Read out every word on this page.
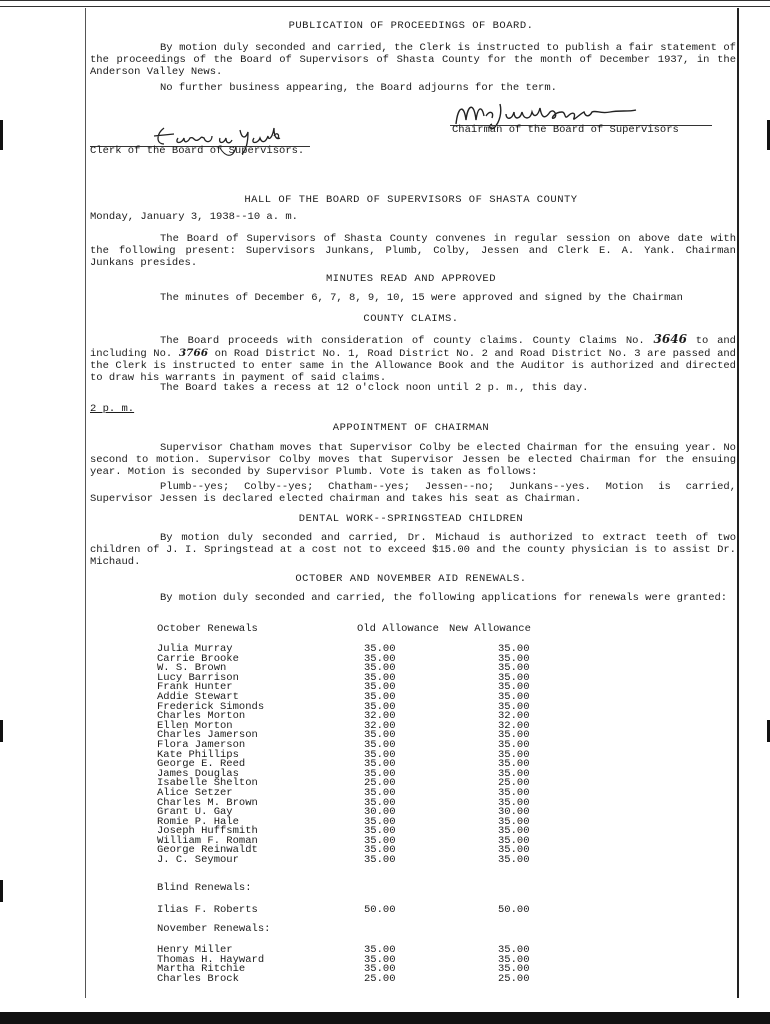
PUBLICATION OF PROCEEDINGS OF BOARD.
By motion duly seconded and carried, the Clerk is instructed to publish a fair statement of the proceedings of the Board of Supervisors of Shasta County for the month of December 1937, in the Anderson Valley News.
No further business appearing, the Board adjourns for the term.
Chairman of the Board of Supervisors
Clerk of the Board of Supervisors.
HALL OF THE BOARD OF SUPERVISORS OF SHASTA COUNTY
Monday, January 3, 1938--10 a. m.
The Board of Supervisors of Shasta County convenes in regular session on above date with the following present: Supervisors Junkans, Plumb, Colby, Jessen and Clerk E. A. Yank. Chairman Junkans presides.
MINUTES READ AND APPROVED
The minutes of December 6, 7, 8, 9, 10, 15 were approved and signed by the Chairman
COUNTY CLAIMS.
The Board proceeds with consideration of county claims. County Claims No. 3646 to and including No. 3766 on Road District No. 1, Road District No. 2 and Road District No. 3 are passed and the Clerk is instructed to enter same in the Allowance Book and the Auditor is authorized and directed to draw his warrants in payment of said claims.
The Board takes a recess at 12 o'clock noon until 2 p. m., this day.
2 p. m.
APPOINTMENT OF CHAIRMAN
Supervisor Chatham moves that Supervisor Colby be elected Chairman for the ensuing year. No second to motion. Supervisor Colby moves that Supervisor Jessen be elected Chairman for the ensuing year. Motion is seconded by Supervisor Plumb. Vote is taken as follows:
Plumb--yes; Colby--yes; Chatham--yes; Jessen--no; Junkans--yes. Motion is carried, Supervisor Jessen is declared elected chairman and takes his seat as Chairman.
DENTAL WORK--SPRINGSTEAD CHILDREN
By motion duly seconded and carried, Dr. Michaud is authorized to extract teeth of two children of J. I. Springstead at a cost not to exceed $15.00 and the county physician is to assist Dr. Michaud.
OCTOBER AND NOVEMBER AID RENEWALS.
By motion duly seconded and carried, the following applications for renewals were granted:
October Renewals	Old Allowance New Allowance
Julia Murray	35.00	35.00
Carrie Brooke	35.00	35.00
W. S. Brown	35.00	35.00
Lucy Barrison	35.00	35.00
Frank Hunter	35.00	35.00
Addie Stewart	35.00	35.00
Frederick Simonds	35.00	35.00
Charles Morton	32.00	32.00
Ellen Morton	32.00	32.00
Charles Jamerson	35.00	35.00
Flora Jamerson	35.00	35.00
Kate Phillips	35.00	35.00
George E. Reed	35.00	35.00
James Douglas	35.00	35.00
Isabelle Shelton	25.00	25.00
Alice Setzer	35.00	35.00
Charles M. Brown	35.00	35.00
Grant U. Gay	30.00	30.00
Romie P. Hale	35.00	35.00
Joseph Huffsmith	35.00	35.00
William F. Roman	35.00	35.00
George Reinwaldt	35.00	35.00
J. C. Seymour	35.00	35.00
Blind Renewals:
Ilias F. Roberts	50.00	50.00
November Renewals:
Henry Miller	35.00	35.00
Thomas H. Hayward	35.00	35.00
Martha Ritchie	35.00	35.00
Charles Brock	25.00	25.00
